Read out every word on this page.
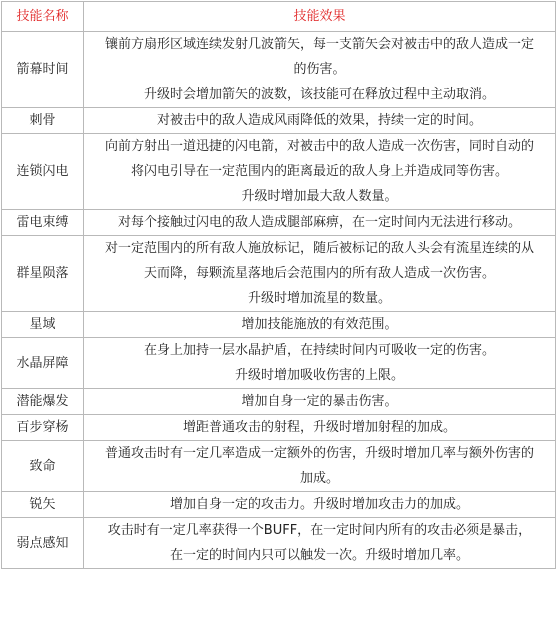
技能名称	技能效果
箭幕时间	镶前方扇形区域连续发射几波箭矢，每一支箭矢会对被击中的敌人造成一定
的伤害。
升级时会增加箭矢的波数，该技能可在释放过程中主动取消。

刺骨	对被击中的敌人造成风雨降低的效果，持续一定的时间。

连锁闪电	向前方射出一道迅捷的闪电箭，对被击中的敌人造成一次伤害，同时自动的
将闪电引导在一定范围内的距离最近的敌人身上并造成同等伤害。
升级时增加最大敌人数量。

雷电束缚	对每个接触过闪电的敌人造成腿部麻痹，在一定时间内无法进行移动。

群星陨落	对一定范围内的所有敌人施放标记，随后被标记的敌人头会有流星连续的从
天而降，每颗流星落地后会范围内的所有敌人造成一次伤害。
升级时增加流星的数量。

星域	增加技能施放的有效范围。

水晶屏障	在身上加持一层水晶护盾，在持续时间内可吸收一定的伤害。
升级时增加吸收伤害的上限。

潜能爆发	增加自身一定的暴击伤害。

百步穿杨	增距普通攻击的射程，升级时增加射程的加成。

致命	普通攻击时有一定几率造成一定额外的伤害，升级时增加几率与额外伤害的
加成。

锐矢	增加自身一定的攻击力。升级时增加攻击力的加成。

弱点感知	攻击时有一定几率获得一个BUFF，在一定时间内所有的攻击必须是暴击，
在一定的时间内只可以触发一次。升级时增加几率。
